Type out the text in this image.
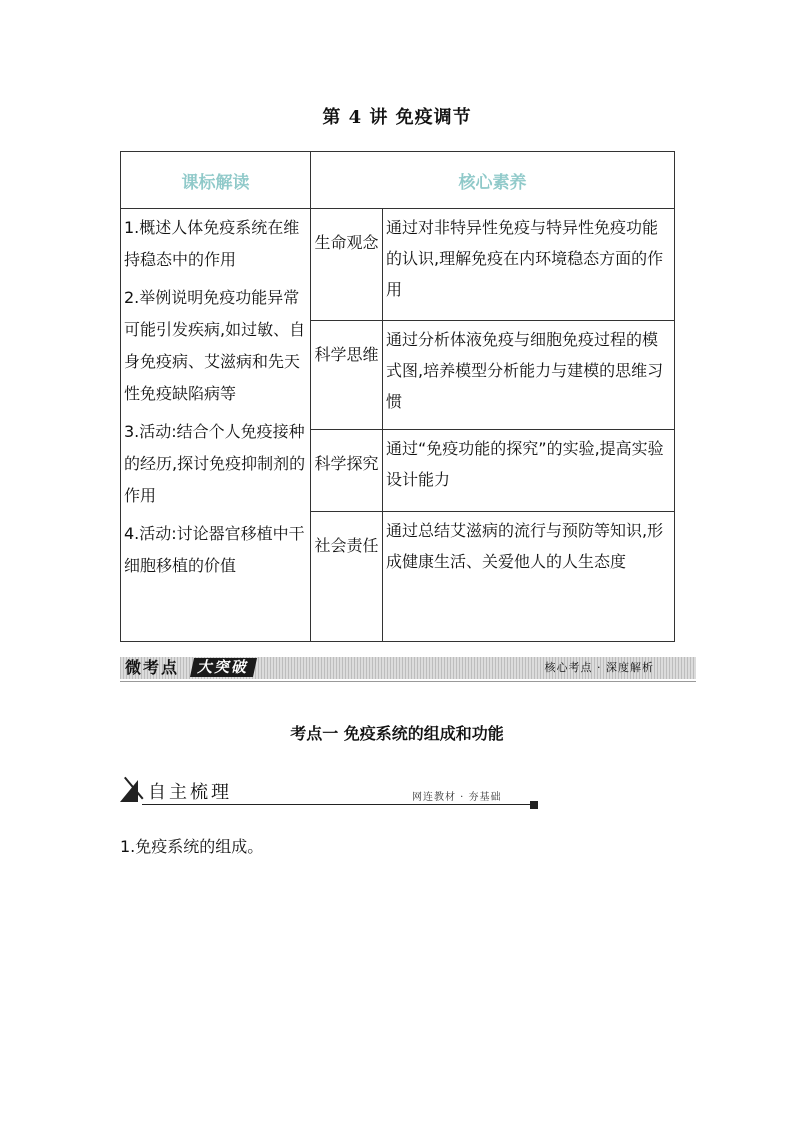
第 4 讲 免疫调节
课标解读	核心素养	

1.概述人体免疫系统在维持稳态中的作用

2.举例说明免疫功能异常可能引发疾病,如过敏、自身免疫病、艾滋病和先天性免疫缺陷病等

3.活动:结合个人免疫接种的经历,探讨免疫抑制剂的作用

4.活动:讨论器官移植中干细胞移植的价值	生命观念	通过对非特异性免疫与特异性免疫功能的认识,理解免疫在内环境稳态方面的作用
	科学思维	通过分析体液免疫与细胞免疫过程的模式图,培养模型分析能力与建模的思维习惯
	科学探究	通过“免疫功能的探究”的实验,提高实验设计能力
	社会责任	通过总结艾滋病的流行与预防等知识,形成健康生活、关爱他人的人生态度
微考点	大突破	核心考点 · 深度解析
考点一 免疫系统的组成和功能
自主梳理	网连教材 · 夯基础
1.免疫系统的组成。
